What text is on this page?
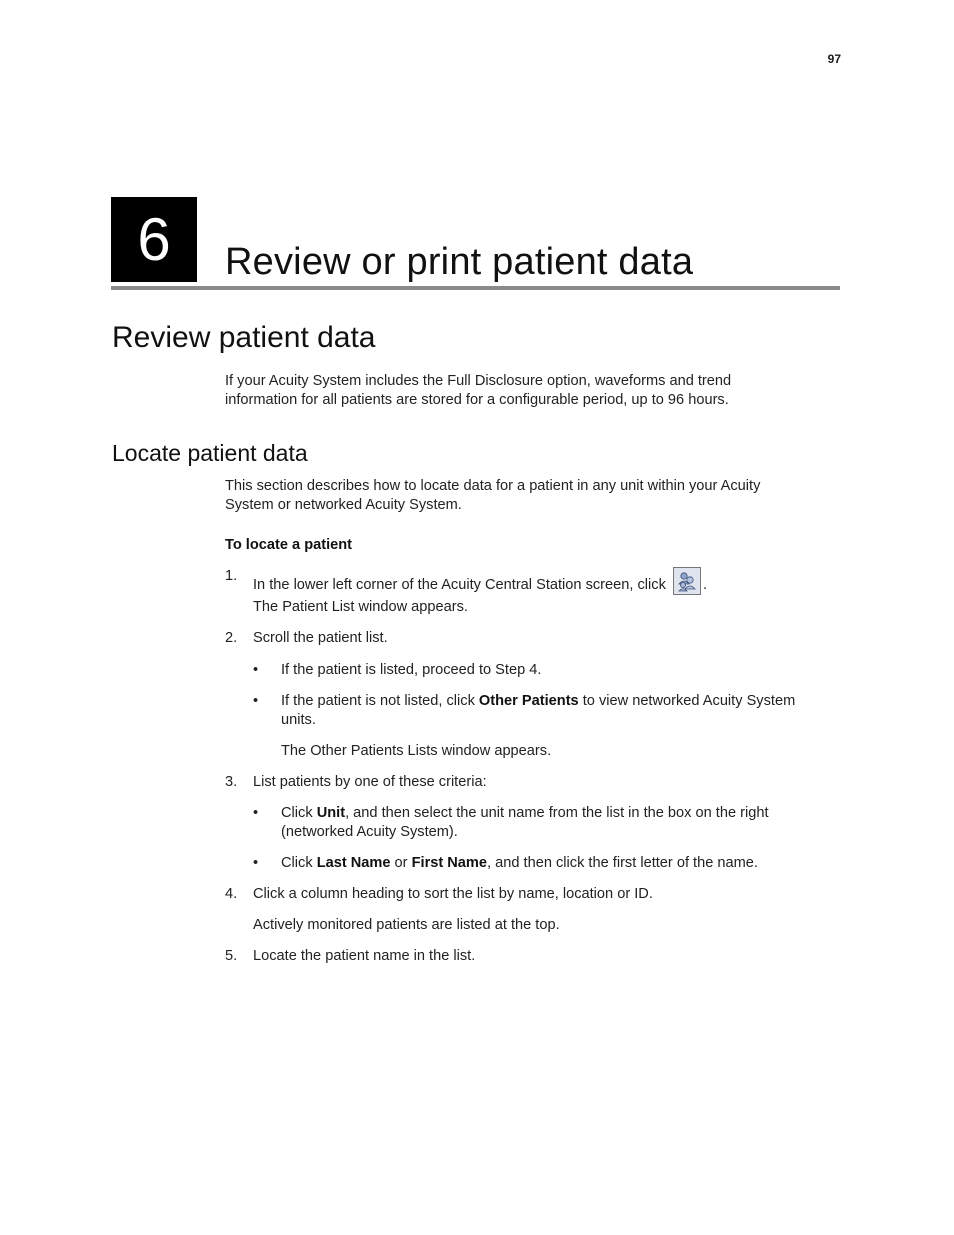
97
6	Review or print patient data
Review patient data
If your Acuity System includes the Full Disclosure option, waveforms and trend
information for all patients are stored for a configurable period, up to 96 hours.
Locate patient data
This section describes how to locate data for a patient in any unit within your Acuity
System or networked Acuity System.
To locate a patient
1.
In the lower left corner of the Acuity Central Station screen, click	.
The Patient List window appears.
2. Scroll the patient list.
• If the patient is listed, proceed to Step 4.
• If the patient is not listed, click Other Patients to view networked Acuity System
units.
The Other Patients Lists window appears.
3. List patients by one of these criteria:
• Click Unit, and then select the unit name from the list in the box on the right
(networked Acuity System).
• Click Last Name or First Name, and then click the first letter of the name.
4. Click a column heading to sort the list by name, location or ID.
Actively monitored patients are listed at the top.
5. Locate the patient name in the list.
